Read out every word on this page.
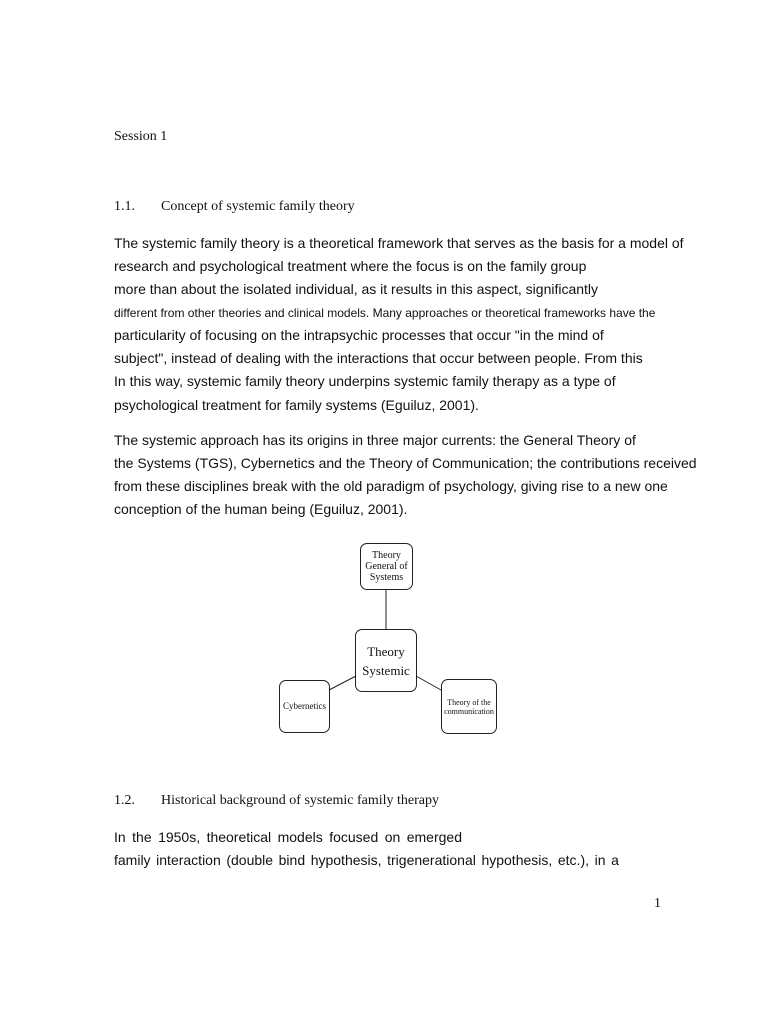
Session 1
1.1. Concept of systemic family theory
The systemic family theory is a theoretical framework that serves as the basis for a model of
research and psychological treatment where the focus is on the family group
more than about the isolated individual, as it results in this aspect, significantly
different from other theories and clinical models. Many approaches or theoretical frameworks have the
particularity of focusing on the intrapsychic processes that occur "in the mind of
subject", instead of dealing with the interactions that occur between people. From this
In this way, systemic family theory underpins systemic family therapy as a type of
psychological treatment for family systems (Eguiluz, 2001).
The systemic approach has its origins in three major currents: the General Theory of
the Systems (TGS), Cybernetics and the Theory of Communication; the contributions received
from these disciplines break with the old paradigm of psychology, giving rise to a new one
conception of the human being (Eguiluz, 2001).
Theory
General of
Systems
Theory
Systemic
Cybernetics	Theory of the
communication
1.2. Historical background of systemic family therapy
In the 1950s, theoretical models focused on emerged
family interaction (double bind hypothesis, trigenerational hypothesis, etc.), in a
1
